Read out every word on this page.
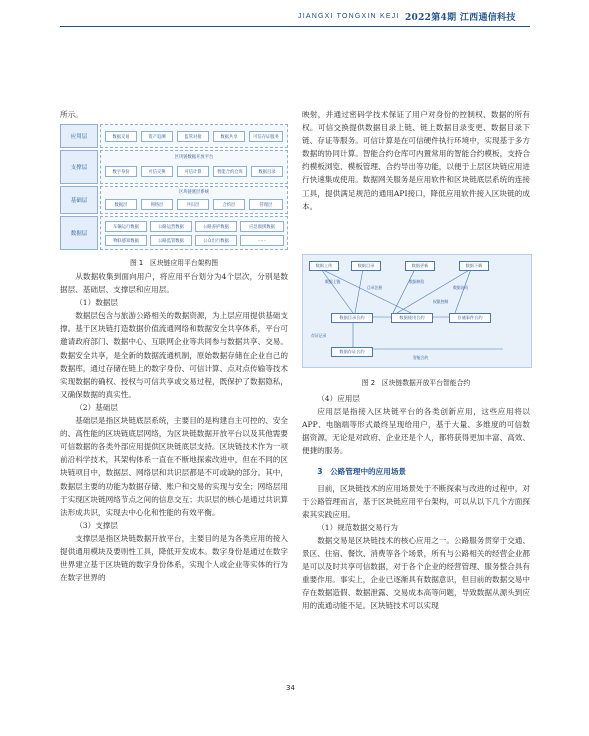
JIANGXI TONGXIN KEJI 2022第4期 江西通信科技

所示。

应用层	数据交易	资产追溯	监管对接	数据共享	可信存证服务
支撑层
区块链数据开放平台
数字身份	可信交换	可信计算	智能合约仓库	数据目录
基础层
区块链底层系统
数据层	网络层	共识层	合约层	管理层
数据层
车辆运行数据	公路运营数据	公路养护数据	应急救援数据
物联感知数据	公路监管数据	公众出行数据	……
图 1　区块链应用平台架构图

从数据收集到面向用户，将应用平台划分为4个层次，分别是数据层、基础层、支撑层和应用层。

（1）数据层

数据层包含与旅游公路相关的数据资源，为上层应用提供基础支撑。基于区块链打造数据价值流通网络和数据安全共享体系，平台可邀请政府部门、数据中心、互联网企业等共同参与数据共享、交易。数据安全共享，是全新的数据流通机制，原始数据存储在企业自己的数据库，通过存储在链上的数字身份、可信计算、点对点传输等技术实现数据的确权、授权与可信共享或交易过程，既保护了数据隐私，又确保数据的真实性。

（2）基础层

基础层是指区块链底层系统，主要目的是构建自主可控的、安全的、高性能的区块链底层网络，为区块链数据开放平台以及其他需要可信数据的各类外部应用提供区块链底层支持。区块链技术作为一项前沿科学技术，其架构体系一直在不断地探索改进中，但在不同的区块链项目中，数据层、网络层和共识层都是不可或缺的部分。其中，数据层主要的功能为数据存储、账户和交易的实现与安全；网络层用于实现区块链网络节点之间的信息交互；共识层的核心是通过共识算法形成共识，实现去中心化和性能的有效平衡。

（3）支撑层

支撑层是指区块链数据开放平台，主要目的是为各类应用的接入提供通用模块及要则性工具，降低开发成本。数字身份是通过在数字世界建立基于区块链的数字身份体系，实现个人或企业等实体的行为在数字世界的

映射，并通过密码学技术保证了用户对身份的控制权、数据的所有权。可信交换提供数据目录上链、链上数据目录变更、数据目录下链、存证等服务。可信计算是在可信硬件执行环境中，实现基于多方数据的协同计算。智能合约仓库可内置常用的智能合约模板，支持合约模板浏览、模板管理、合约导出等功能，以便于上层区块链应用进行快速集成使用。数据网关服务是应用软件和区块链底层系统的连接工具，提供满足规范的通用API接口，降低应用软件接入区块链的成本。

数据上传	数据目录	数据更新	数据下载
数据目录合约	数据使用合约	存储事件合约
数据存证合约
智能合约
数据上链
目录注册
数据核验
数据访问
权限控制
存证记录
图 2　区块链数据开放平台智能合约

（4）应用层

应用层是指接入区块链平台的各类创新应用，这些应用将以APP、电脑端等形式最终呈现给用户，基于大量、多维度的可信数据资源，无论是对政府、企业还是个人，都将获得更加丰富、高效、便捷的服务。

3　公路管理中的应用场景

目前，区块链技术的应用场景处于不断探索与改进的过程中，对于公路管理而言，基于区块链应用平台架构，可以从以下几个方面探索其实践应用。

（1）规范数据交易行为

数据交易是区块链技术的核心应用之一。公路服务贯穿于交通、景区、住宿、餐饮、消费等各个场景，所有与公路相关的经营企业都是可以及时共享可信数据，对于各个企业的经营管理、服务整合具有重要作用。事实上，企业已逐渐具有数据意识，但目前的数据交易中存在数据造假、数据泄露、交易成本高等问题，导致数据从源头到应用的流通动能不足。区块链技术可以实现

34
